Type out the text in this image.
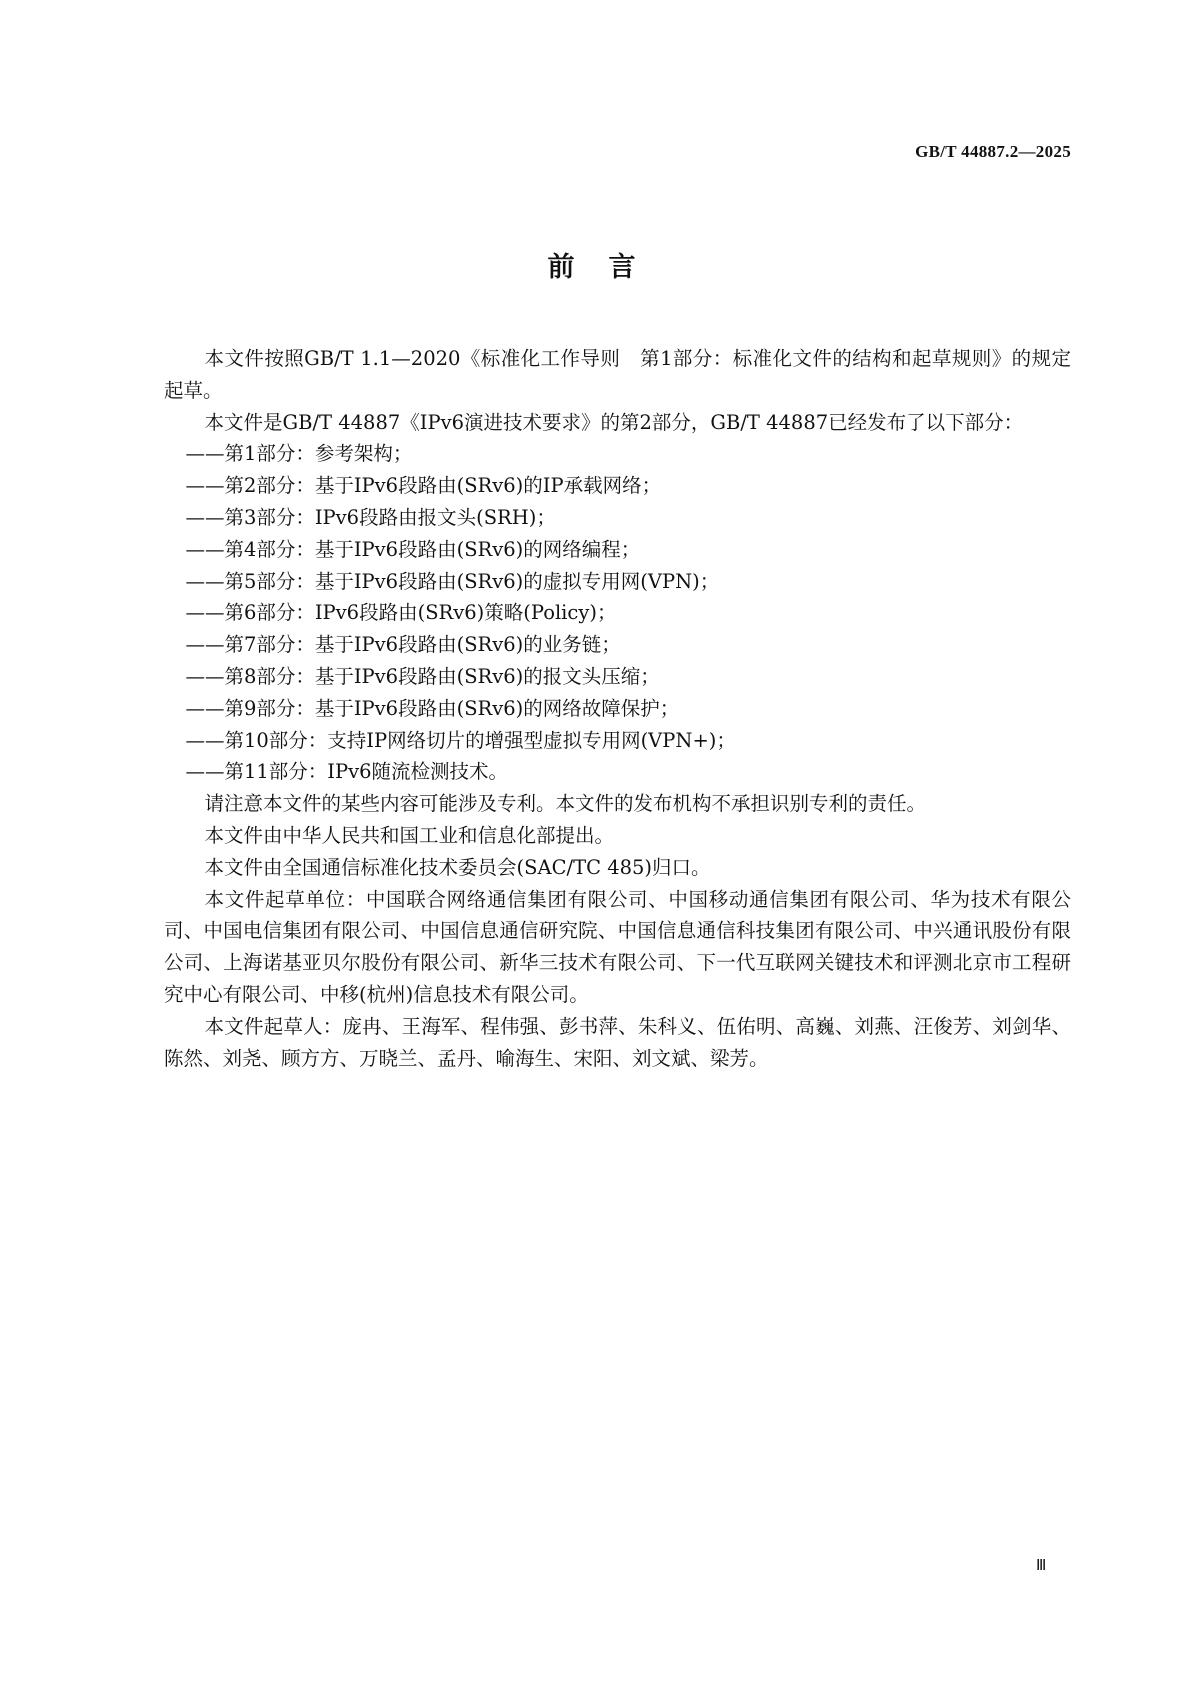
GB/T 44887.2—2025
前言

本文件按照GB/T 1.1—2020《标准化工作导则　第1部分：标准化文件的结构和起草规则》的规定起草。

本文件是GB/T 44887《IPv6演进技术要求》的第2部分，GB/T 44887已经发布了以下部分：

——第1部分：参考架构；

——第2部分：基于IPv6段路由(SRv6)的IP承载网络；

——第3部分：IPv6段路由报文头(SRH)；

——第4部分：基于IPv6段路由(SRv6)的网络编程；

——第5部分：基于IPv6段路由(SRv6)的虚拟专用网(VPN)；

——第6部分：IPv6段路由(SRv6)策略(Policy)；

——第7部分：基于IPv6段路由(SRv6)的业务链；

——第8部分：基于IPv6段路由(SRv6)的报文头压缩；

——第9部分：基于IPv6段路由(SRv6)的网络故障保护；

——第10部分：支持IP网络切片的增强型虚拟专用网(VPN+)；

——第11部分：IPv6随流检测技术。

请注意本文件的某些内容可能涉及专利。本文件的发布机构不承担识别专利的责任。

本文件由中华人民共和国工业和信息化部提出。

本文件由全国通信标准化技术委员会(SAC/TC 485)归口。

本文件起草单位：中国联合网络通信集团有限公司、中国移动通信集团有限公司、华为技术有限公司、中国电信集团有限公司、中国信息通信研究院、中国信息通信科技集团有限公司、中兴通讯股份有限公司、上海诺基亚贝尔股份有限公司、新华三技术有限公司、下一代互联网关键技术和评测北京市工程研究中心有限公司、中移(杭州)信息技术有限公司。

本文件起草人：庞冉、王海军、程伟强、彭书萍、朱科义、伍佑明、高巍、刘燕、汪俊芳、刘剑华、陈然、刘尧、顾方方、万晓兰、孟丹、喻海生、宋阳、刘文斌、梁芳。

Ⅲ
